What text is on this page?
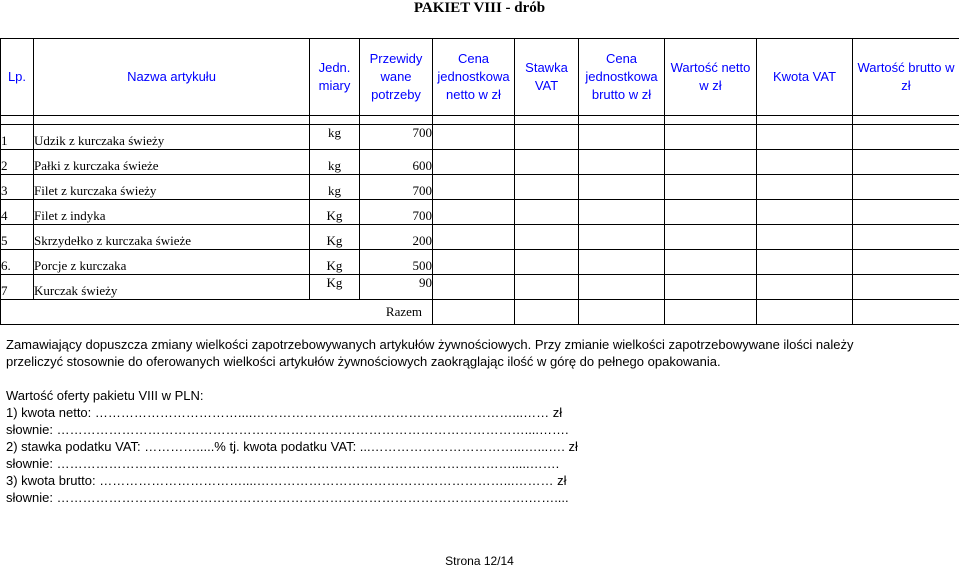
PAKIET VIII - drób
Lp.	Nazwa artykułu	Jedn. miary	Przewidy wane potrzeby	Cena jednostkowa netto w zł	Stawka VAT	Cena jednostkowa brutto w zł	Wartość netto w zł	Kwota VAT	Wartość brutto w zł

1	Udzik z kurczaka świeży	kg	700						

2	Pałki z kurczaka świeże	kg	600						

3	Filet z kurczaka świeży	kg	700						

4	Filet z indyka	Kg	700						

5	Skrzydełko z kurczaka świeże	Kg	200						

6.	Porcje z kurczaka	Kg	500						

7	Kurczak świeży	Kg	90						
Razem									
Zamawiający dopuszcza zmiany wielkości zapotrzebowywanych artykułów żywnościowych. Przy zmianie wielkości zapotrzebowywane ilości należy
przeliczyć stosownie do oferowanych wielkości artykułów żywnościowych zaokrąglając ilość w górę do pełnego opakowania.
Wartość oferty pakietu VIII w PLN:
1) kwota netto: ……………………………....……………………………………………………...…… zł
słownie: ………………………………………………………………………………………………....…….
2) stawka podatku VAT: ………….....% tj. kwota podatku VAT: ...……………………………...…...…. zł
słownie: …………………………………………………………………………………………….....…….
3) kwota brutto: ……………………………....…………………………………………………...……… zł
słownie: ……………………………………………………………………………………………….……....
Strona 12/14
